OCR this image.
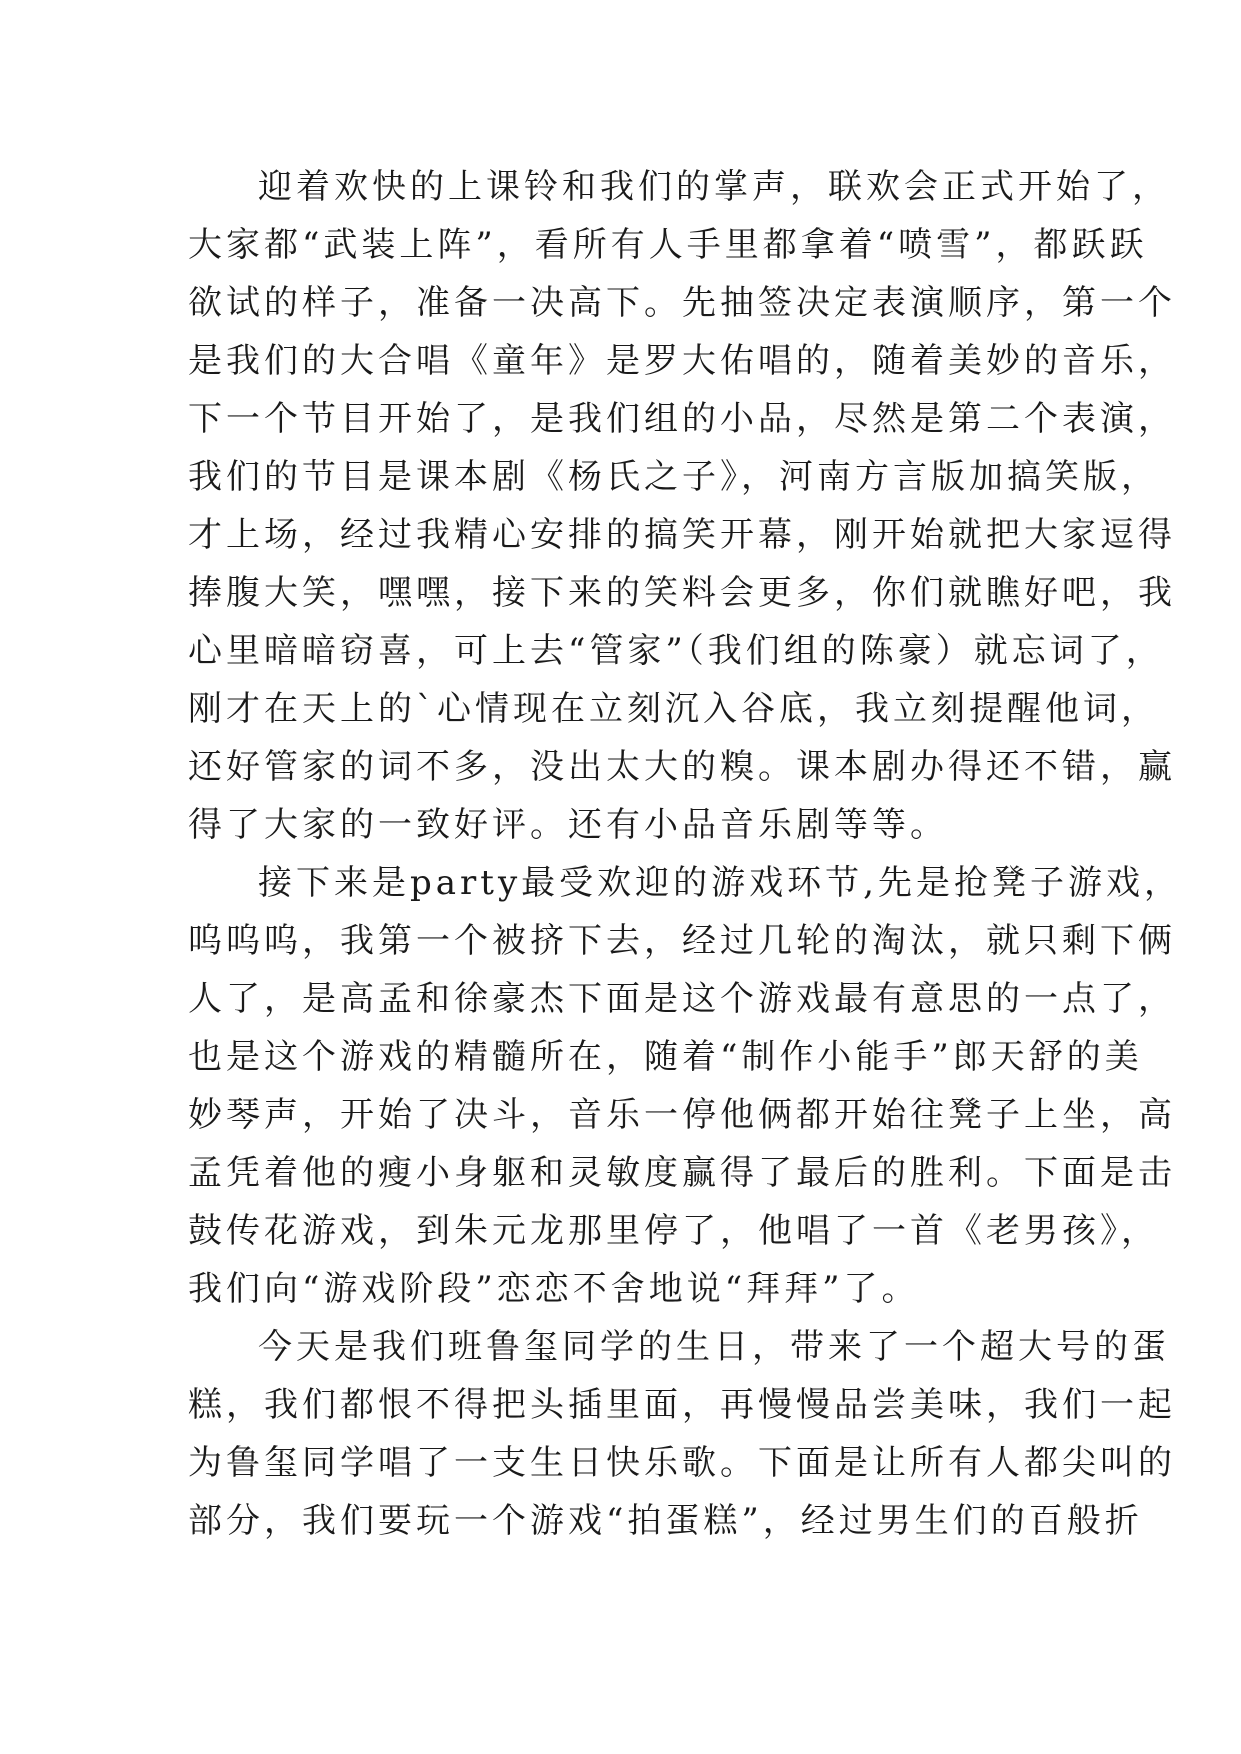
迎着欢快的上课铃和我们的掌声，联欢会正式开始了，
大家都“武装上阵”，看所有人手里都拿着“喷雪”，都跃跃
欲试的样子，准备一决高下。先抽签决定表演顺序，第一个
是我们的大合唱《童年》是罗大佑唱的，随着美妙的音乐，
下一个节目开始了，是我们组的小品，尽然是第二个表演，
我们的节目是课本剧《杨氏之子》，河南方言版加搞笑版，
才上场，经过我精心安排的搞笑开幕，刚开始就把大家逗得
捧腹大笑，嘿嘿，接下来的笑料会更多，你们就瞧好吧，我
心里暗暗窃喜，可上去“管家”（我们组的陈豪）就忘词了，
刚才在天上的`心情现在立刻沉入谷底，我立刻提醒他词，
还好管家的词不多，没出太大的糗。课本剧办得还不错，赢
得了大家的一致好评。还有小品音乐剧等等。
接下来是party最受欢迎的游戏环节,先是抢凳子游戏，
呜呜呜，我第一个被挤下去，经过几轮的淘汰，就只剩下俩
人了，是高孟和徐豪杰下面是这个游戏最有意思的一点了，
也是这个游戏的精髓所在，随着“制作小能手”郎天舒的美
妙琴声，开始了决斗，音乐一停他俩都开始往凳子上坐，高
孟凭着他的瘦小身躯和灵敏度赢得了最后的胜利。下面是击
鼓传花游戏，到朱元龙那里停了，他唱了一首《老男孩》，
我们向“游戏阶段”恋恋不舍地说“拜拜”了。
今天是我们班鲁玺同学的生日，带来了一个超大号的蛋
糕，我们都恨不得把头插里面，再慢慢品尝美味，我们一起
为鲁玺同学唱了一支生日快乐歌。下面是让所有人都尖叫的
部分，我们要玩一个游戏“拍蛋糕”，经过男生们的百般折
